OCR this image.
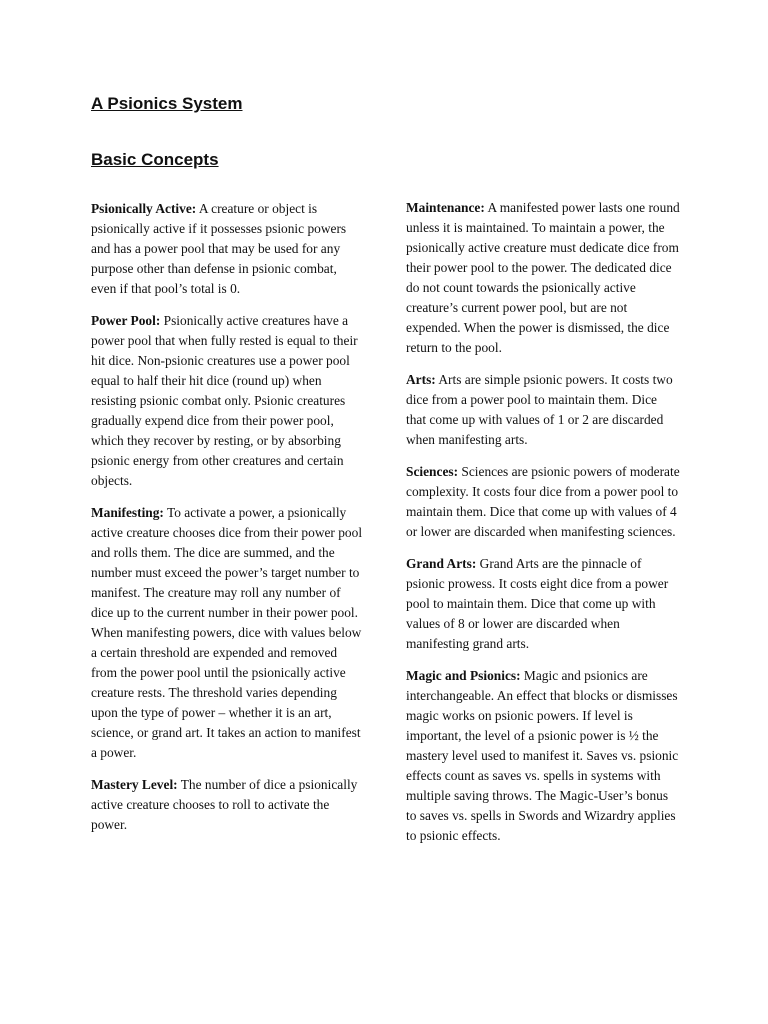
A Psionics System
Basic Concepts

Psionically Active: A creature or object is psionically active if it possesses psionic powers and has a power pool that may be used for any purpose other than defense in psionic combat, even if that pool’s total is 0.

Power Pool: Psionically active creatures have a power pool that when fully rested is equal to their hit dice. Non-psionic creatures use a power pool equal to half their hit dice (round up) when resisting psionic combat only. Psionic creatures gradually expend dice from their power pool, which they recover by resting, or by absorbing psionic energy from other creatures and certain objects.

Manifesting: To activate a power, a psionically active creature chooses dice from their power pool and rolls them. The dice are summed, and the number must exceed the power’s target number to manifest. The creature may roll any number of dice up to the current number in their power pool. When manifesting powers, dice with values below a certain threshold are expended and removed from the power pool until the psionically active creature rests. The threshold varies depending upon the type of power – whether it is an art, science, or grand art. It takes an action to manifest a power.

Mastery Level: The number of dice a psionically active creature chooses to roll to activate the power.

Maintenance: A manifested power lasts one round unless it is maintained. To maintain a power, the psionically active creature must dedicate dice from their power pool to the power. The dedicated dice do not count towards the psionically active creature’s current power pool, but are not expended. When the power is dismissed, the dice return to the pool.

Arts: Arts are simple psionic powers. It costs two dice from a power pool to maintain them. Dice that come up with values of 1 or 2 are discarded when manifesting arts.

Sciences: Sciences are psionic powers of moderate complexity. It costs four dice from a power pool to maintain them. Dice that come up with values of 4 or lower are discarded when manifesting sciences.

Grand Arts: Grand Arts are the pinnacle of psionic prowess. It costs eight dice from a power pool to maintain them. Dice that come up with values of 8 or lower are discarded when manifesting grand arts.

Magic and Psionics: Magic and psionics are interchangeable. An effect that blocks or dismisses magic works on psionic powers. If level is important, the level of a psionic power is ½ the mastery level used to manifest it. Saves vs. psionic effects count as saves vs. spells in systems with multiple saving throws. The Magic-User’s bonus to saves vs. spells in Swords and Wizardry applies to psionic effects.
